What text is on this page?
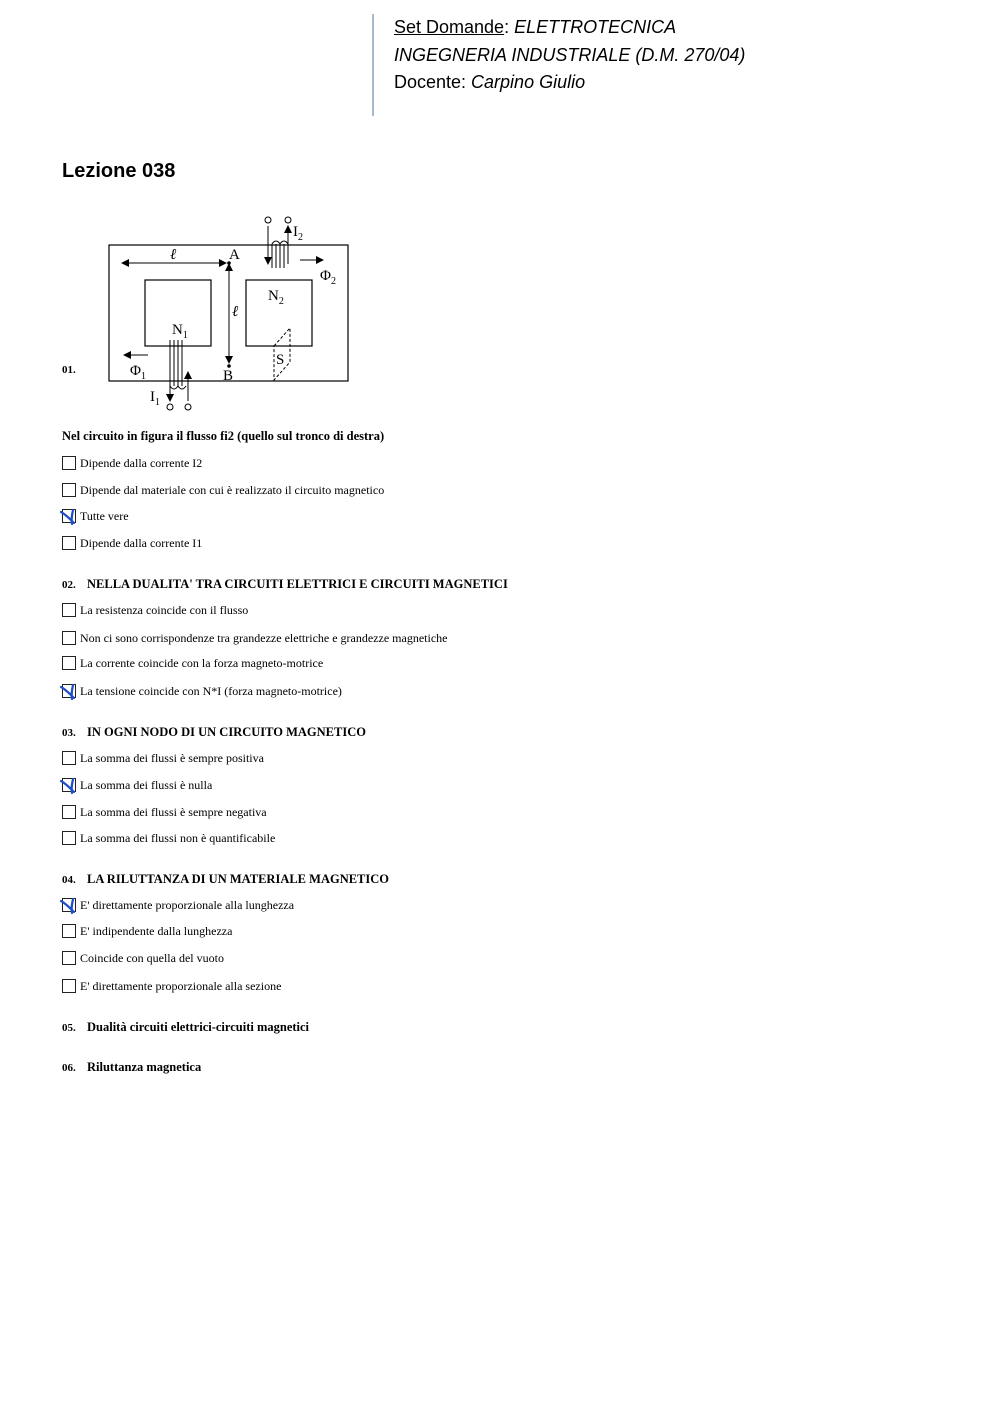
Set Domande: ELETTROTECNICA
INGEGNERIA INDUSTRIALE (D.M. 270/04)
Docente: Carpino Giulio
Lezione 038
01.
ℓ	A
ℓ
B
$I_2$
$N_2$
$\Phi_2$
S
$N_1$
$I_1$
$\Phi_1$
Nel circuito in figura il flusso fi2 (quello sul tronco di destra)
Dipende dalla corrente I2
Dipende dal materiale con cui è realizzato il circuito magnetico
Tutte vere
Dipende dalla corrente I1
02. NELLA DUALITA' TRA CIRCUITI ELETTRICI E CIRCUITI MAGNETICI
La resistenza coincide con il flusso
Non ci sono corrispondenze tra grandezze elettriche e grandezze magnetiche
La corrente coincide con la forza magneto-motrice
La tensione coincide con N*I (forza magneto-motrice)
03. IN OGNI NODO DI UN CIRCUITO MAGNETICO
La somma dei flussi è sempre positiva
La somma dei flussi è nulla
La somma dei flussi è sempre negativa
La somma dei flussi non è quantificabile
04. LA RILUTTANZA DI UN MATERIALE MAGNETICO
E' direttamente proporzionale alla lunghezza
E' indipendente dalla lunghezza
Coincide con quella del vuoto
E' direttamente proporzionale alla sezione
05. Dualità circuiti elettrici-circuiti magnetici
06. Riluttanza magnetica
